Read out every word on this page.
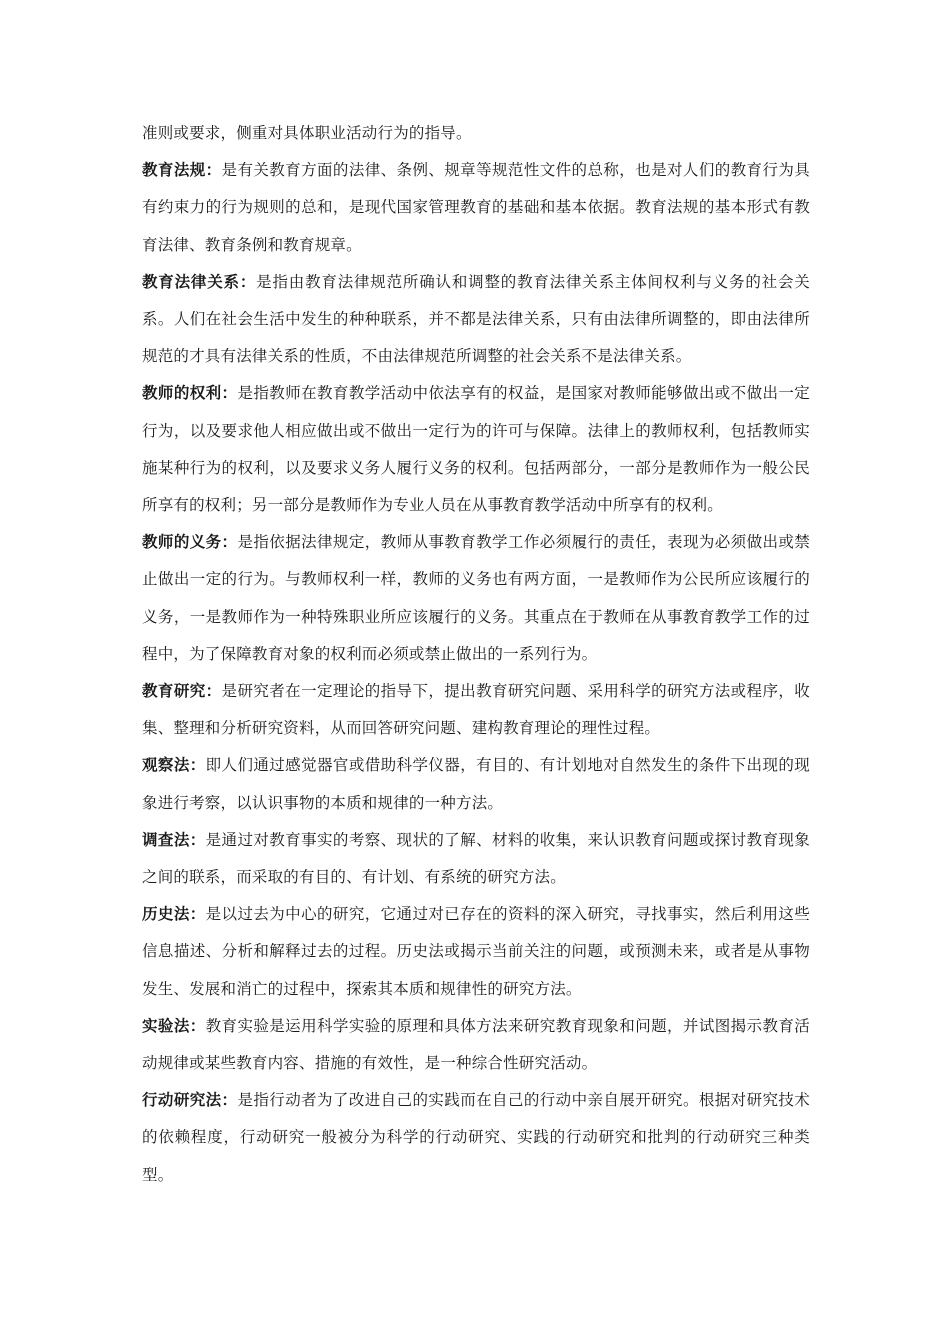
准则或要求，侧重对具体职业活动行为的指导。

教育法规：是有关教育方面的法律、条例、规章等规范性文件的总称，也是对人们的教育行为具有约束力的行为规则的总和，是现代国家管理教育的基础和基本依据。教育法规的基本形式有教育法律、教育条例和教育规章。

教育法律关系：是指由教育法律规范所确认和调整的教育法律关系主体间权利与义务的社会关系。人们在社会生活中发生的种种联系，并不都是法律关系，只有由法律所调整的，即由法律所规范的才具有法律关系的性质，不由法律规范所调整的社会关系不是法律关系。

教师的权利：是指教师在教育教学活动中依法享有的权益，是国家对教师能够做出或不做出一定行为，以及要求他人相应做出或不做出一定行为的许可与保障。法律上的教师权利，包括教师实施某种行为的权利，以及要求义务人履行义务的权利。包括两部分，一部分是教师作为一般公民所享有的权利；另一部分是教师作为专业人员在从事教育教学活动中所享有的权利。

教师的义务：是指依据法律规定，教师从事教育教学工作必须履行的责任，表现为必须做出或禁止做出一定的行为。与教师权利一样，教师的义务也有两方面，一是教师作为公民所应该履行的义务，一是教师作为一种特殊职业所应该履行的义务。其重点在于教师在从事教育教学工作的过程中，为了保障教育对象的权利而必须或禁止做出的一系列行为。

教育研究：是研究者在一定理论的指导下，提出教育研究问题、采用科学的研究方法或程序，收集、整理和分析研究资料，从而回答研究问题、建构教育理论的理性过程。

观察法：即人们通过感觉器官或借助科学仪器，有目的、有计划地对自然发生的条件下出现的现象进行考察，以认识事物的本质和规律的一种方法。

调查法：是通过对教育事实的考察、现状的了解、材料的收集，来认识教育问题或探讨教育现象之间的联系，而采取的有目的、有计划、有系统的研究方法。

历史法：是以过去为中心的研究，它通过对已存在的资料的深入研究，寻找事实，然后利用这些信息描述、分析和解释过去的过程。历史法或揭示当前关注的问题，或预测未来，或者是从事物发生、发展和消亡的过程中，探索其本质和规律性的研究方法。

实验法：教育实验是运用科学实验的原理和具体方法来研究教育现象和问题，并试图揭示教育活动规律或某些教育内容、措施的有效性，是一种综合性研究活动。

行动研究法：是指行动者为了改进自己的实践而在自己的行动中亲自展开研究。根据对研究技术的依赖程度，行动研究一般被分为科学的行动研究、实践的行动研究和批判的行动研究三种类型。
